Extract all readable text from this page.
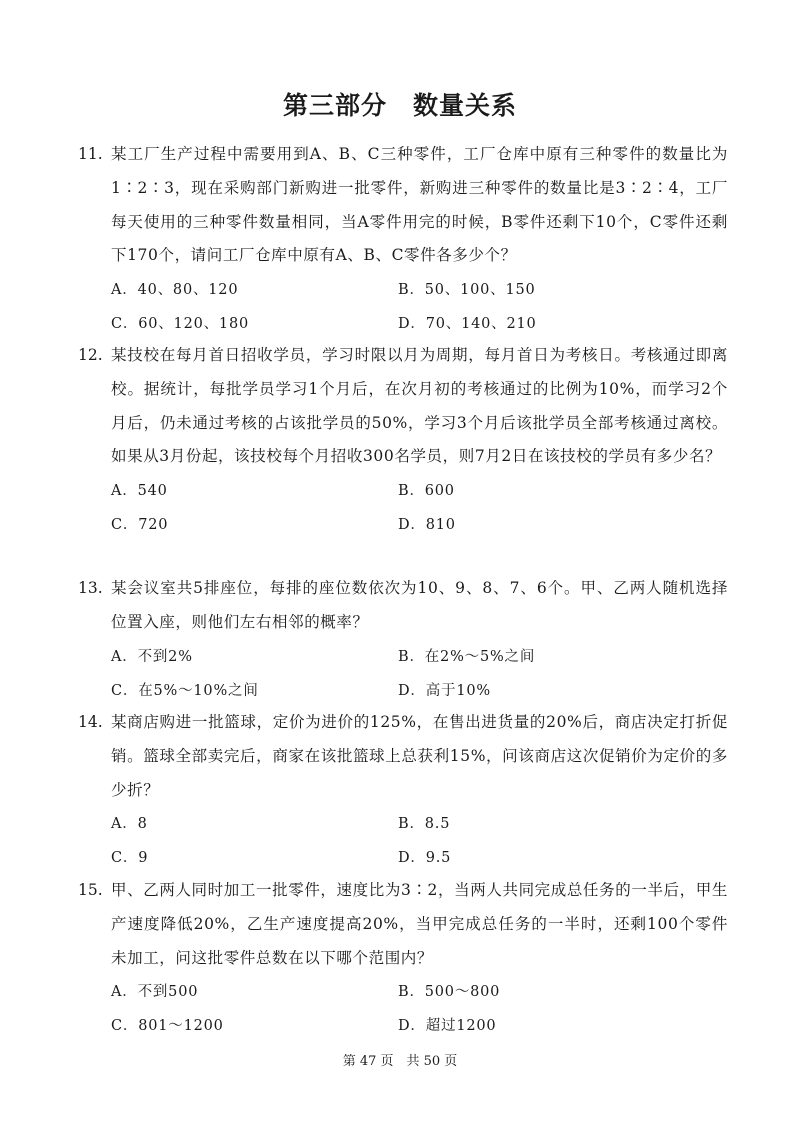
第三部分　数量关系
11. 某工厂生产过程中需要用到A、B、C三种零件，工厂仓库中原有三种零件的数量比为1∶2∶3，现在采购部门新购进一批零件，新购进三种零件的数量比是3∶2∶4，工厂每天使用的三种零件数量相同，当A零件用完的时候，B零件还剩下10个，C零件还剩下170个，请问工厂仓库中原有A、B、C零件各多少个？
A．40、80、120	B．50、100、150
C．60、120、180	D．70、140、210
12. 某技校在每月首日招收学员，学习时限以月为周期，每月首日为考核日。考核通过即离校。据统计，每批学员学习1个月后，在次月初的考核通过的比例为10%，而学习2个月后，仍未通过考核的占该批学员的50%，学习3个月后该批学员全部考核通过离校。如果从3月份起，该技校每个月招收300名学员，则7月2日在该技校的学员有多少名？
A．540	B．600
C．720	D．810
13. 某会议室共5排座位，每排的座位数依次为10、9、8、7、6个。甲、乙两人随机选择位置入座，则他们左右相邻的概率？
A．不到2%	B．在2%～5%之间
C．在5%～10%之间	D．高于10%
14. 某商店购进一批篮球，定价为进价的125%，在售出进货量的20%后，商店决定打折促销。篮球全部卖完后，商家在该批篮球上总获利15%，问该商店这次促销价为定价的多少折？
A．8	B．8.5
C．9	D．9.5
15. 甲、乙两人同时加工一批零件，速度比为3∶2，当两人共同完成总任务的一半后，甲生产速度降低20%，乙生产速度提高20%，当甲完成总任务的一半时，还剩100个零件未加工，问这批零件总数在以下哪个范围内？
A．不到500	B．500～800
C．801～1200	D．超过1200
第 47 页　共 50 页
